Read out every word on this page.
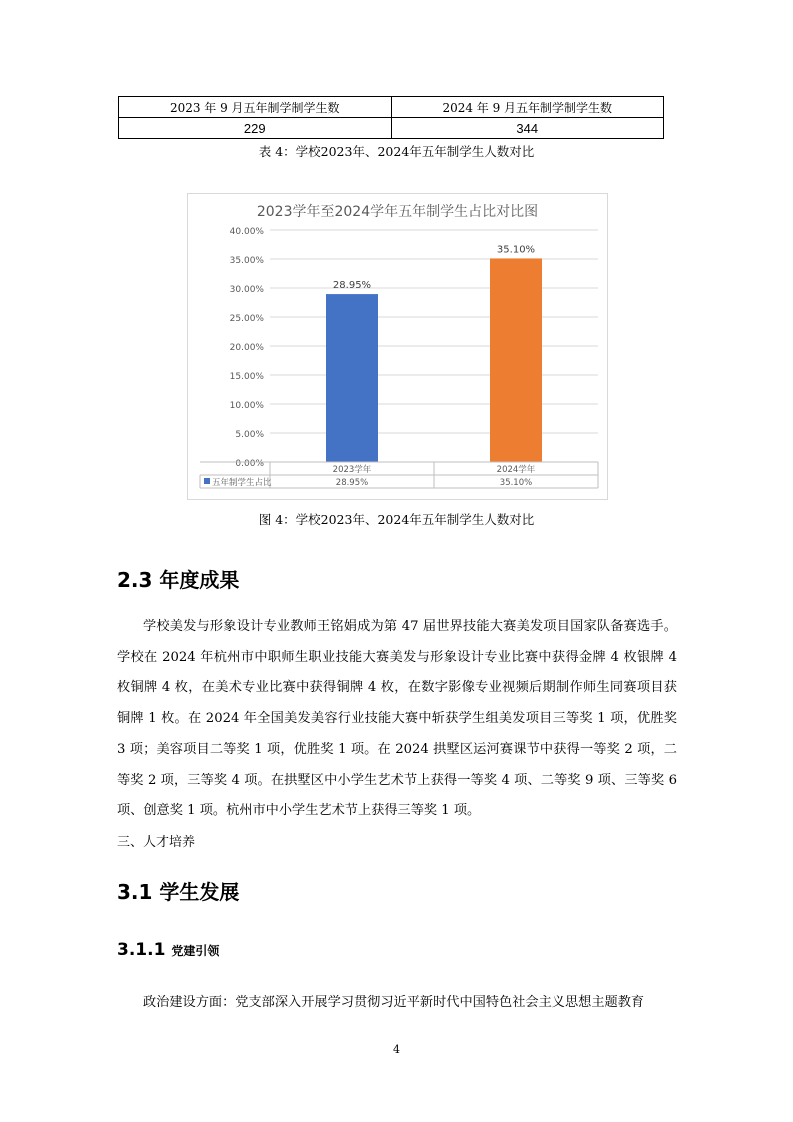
2023 年 9 月五年制学制学生数	2024 年 9 月五年制学制学生数
229	344
表 4：学校2023年、2024年五年制学生人数对比
2023学年至2024学年五年制学生占比对比图
0.00%
5.00%
10.00%
15.00%
20.00%
25.00%
30.00%
35.00%
40.00%
28.95%
35.10%
2023学年
28.95%
2024学年
35.10%
五年制学生占比
图 4：学校2023年、2024年五年制学生人数对比
2.3 年度成果

学校美发与形象设计专业教师王铭娟成为第 47 届世界技能大赛美发项目国家队备赛选手。学校在 2024 年杭州市中职师生职业技能大赛美发与形象设计专业比赛中获得金牌 4 枚银牌 4 枚铜牌 4 枚，在美术专业比赛中获得铜牌 4 枚，在数字影像专业视频后期制作师生同赛项目获铜牌 1 枚。在 2024 年全国美发美容行业技能大赛中斩获学生组美发项目三等奖 1 项，优胜奖 3 项；美容项目二等奖 1 项，优胜奖 1 项。在 2024 拱墅区运河赛课节中获得一等奖 2 项，二等奖 2 项，三等奖 4 项。在拱墅区中小学生艺术节上获得一等奖 4 项、二等奖 9 项、三等奖 6 项、创意奖 1 项。杭州市中小学生艺术节上获得三等奖 1 项。

三、人才培养
3.1 学生发展
3.1.1 党建引领

政治建设方面：党支部深入开展学习贯彻习近平新时代中国特色社会主义思想主题教育

4
